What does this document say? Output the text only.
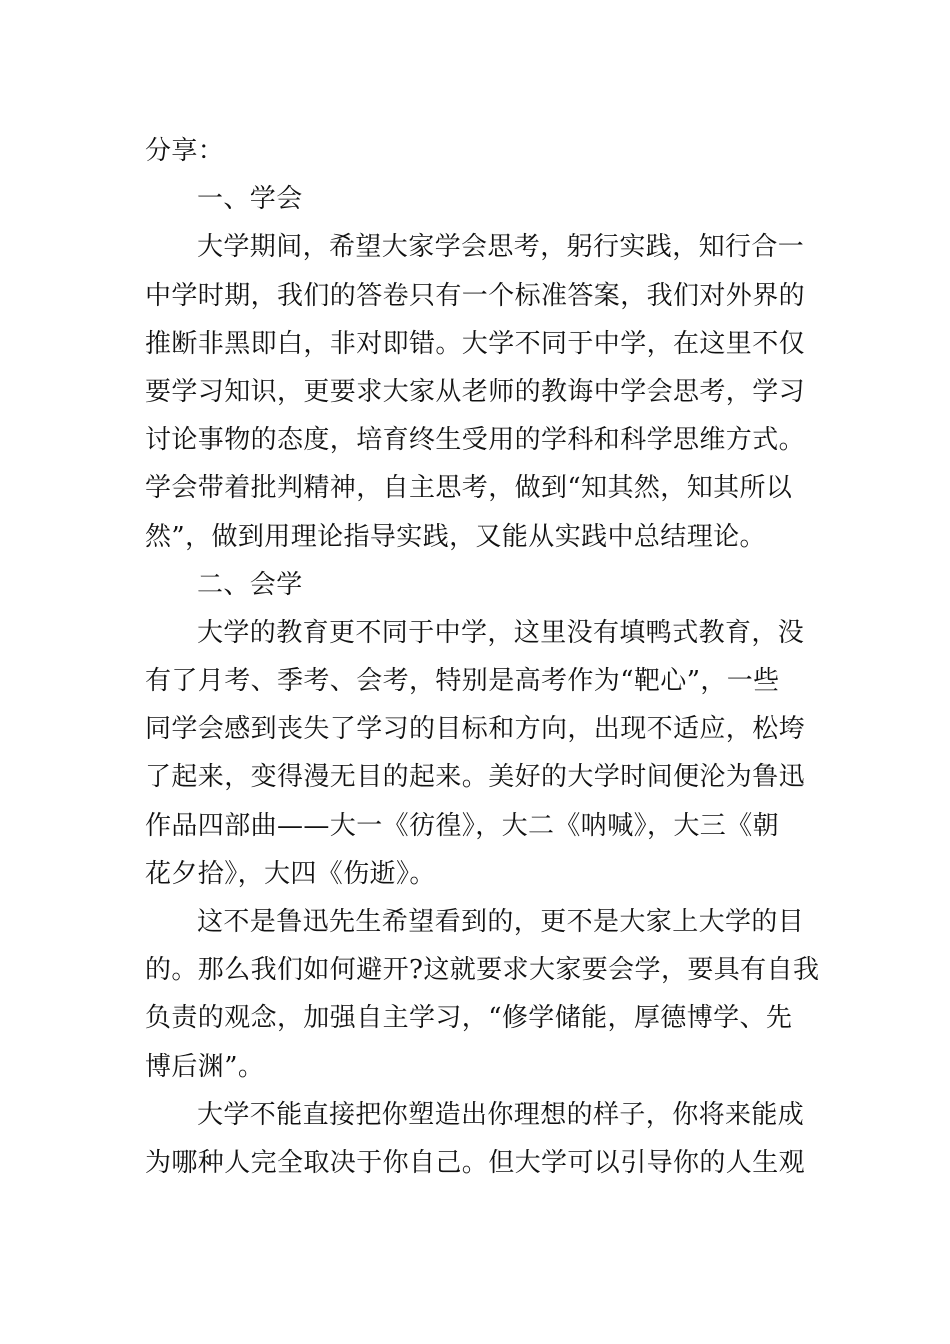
分享：
一、学会
大学期间，希望大家学会思考，躬行实践，知行合一
中学时期，我们的答卷只有一个标准答案，我们对外界的
推断非黑即白，非对即错。大学不同于中学，在这里不仅
要学习知识，更要求大家从老师的教诲中学会思考，学习
讨论事物的态度，培育终生受用的学科和科学思维方式。
学会带着批判精神，自主思考，做到“知其然，知其所以
然”，做到用理论指导实践，又能从实践中总结理论。
二、会学
大学的教育更不同于中学，这里没有填鸭式教育，没
有了月考、季考、会考，特别是高考作为“靶心”，一些
同学会感到丧失了学习的目标和方向，出现不适应，松垮
了起来，变得漫无目的起来。美好的大学时间便沦为鲁迅
作品四部曲——大一《彷徨》，大二《呐喊》，大三《朝
花夕拾》，大四《伤逝》。
这不是鲁迅先生希望看到的，更不是大家上大学的目
的。那么我们如何避开?这就要求大家要会学，要具有自我
负责的观念，加强自主学习，“修学储能，厚德博学、先
博后渊”。
大学不能直接把你塑造出你理想的样子，你将来能成
为哪种人完全取决于你自己。但大学可以引导你的人生观
